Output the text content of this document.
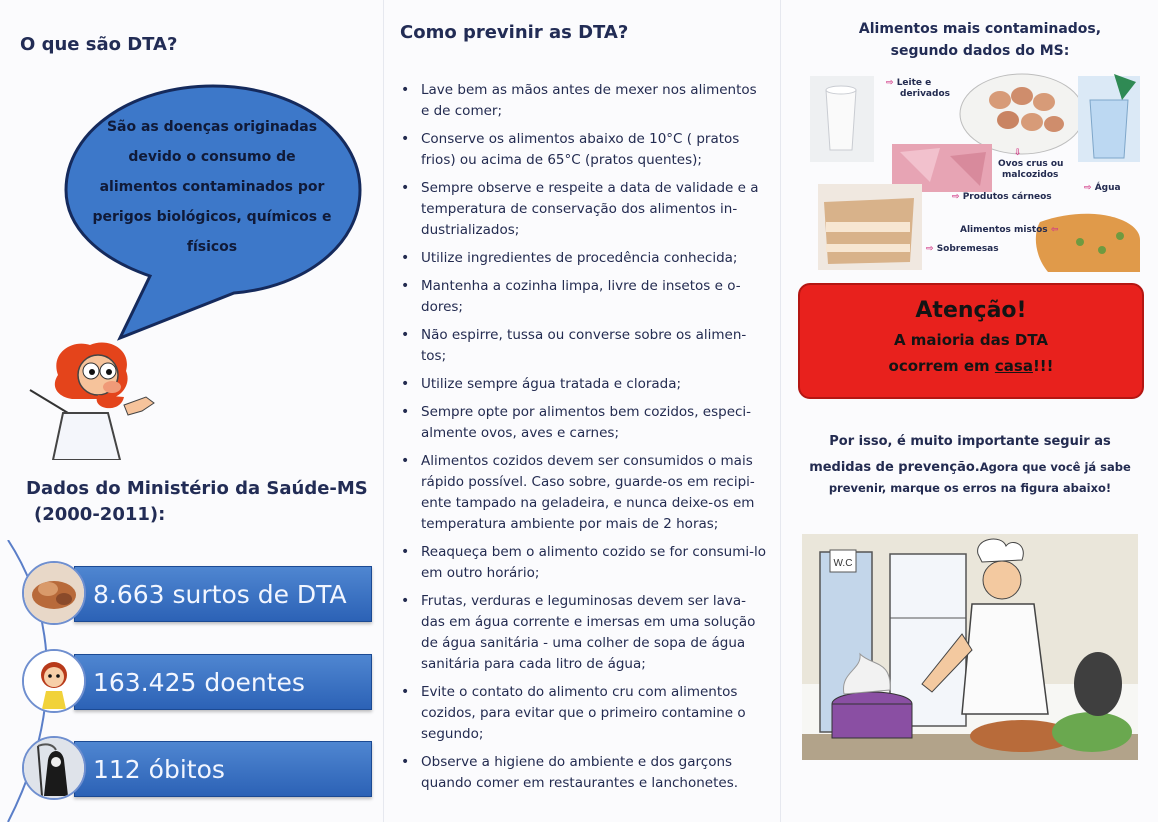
O que são DTA?
São as doenças originadas devido o consumo de alimentos contaminados por perigos biológicos, químicos e físicos
Dados do Ministério da Saúde-MS
(2000-2011):
8.663 surtos de DTA
163.425 doentes
112 óbitos
Como previnir as DTA?
• Lave bem as mãos antes de mexer nos alimentos e de comer;
• Conserve os alimentos abaixo de 10°C ( pratos frios) ou acima de 65°C (pratos quentes);
• Sempre observe e respeite a data de validade e a temperatura de conservação dos alimentos in-dustrializados;
• Utilize ingredientes de procedência conhecida;
• Mantenha a cozinha limpa, livre de insetos e o-dores;
• Não espirre, tussa ou converse sobre os alimen-tos;
• Utilize sempre água tratada e clorada;
• Sempre opte por alimentos bem cozidos, especi-almente ovos, aves e carnes;
• Alimentos cozidos devem ser consumidos o mais rápido possível. Caso sobre, guarde-os em recipi-ente tampado na geladeira, e nunca deixe-os em temperatura ambiente por mais de 2 horas;
• Reaqueça bem o alimento cozido se for consumi-lo em outro horário;
• Frutas, verduras e leguminosas devem ser lava-das em água corrente e imersas em uma solução de água sanitária - uma colher de sopa de água sanitária para cada litro de água;
• Evite o contato do alimento cru com alimentos cozidos, para evitar que o primeiro contamine o segundo;
• Observe a higiene do ambiente e dos garçons quando comer em restaurantes e lanchonetes.
Alimentos mais contaminados,
segundo dados do MS:
⇨ Leite e
derivados
⇩
Ovos crus ou
malcozidos
⇨ Água
⇨ Produtos cárneos
Alimentos mistos ⇦
⇨ Sobremesas
Atenção!
A maioria das DTA
ocorrem em casa!!!
Por isso, é muito importante seguir as
medidas de prevenção.Agora que você já sabe
prevenir, marque os erros na figura abaixo!
W.C
